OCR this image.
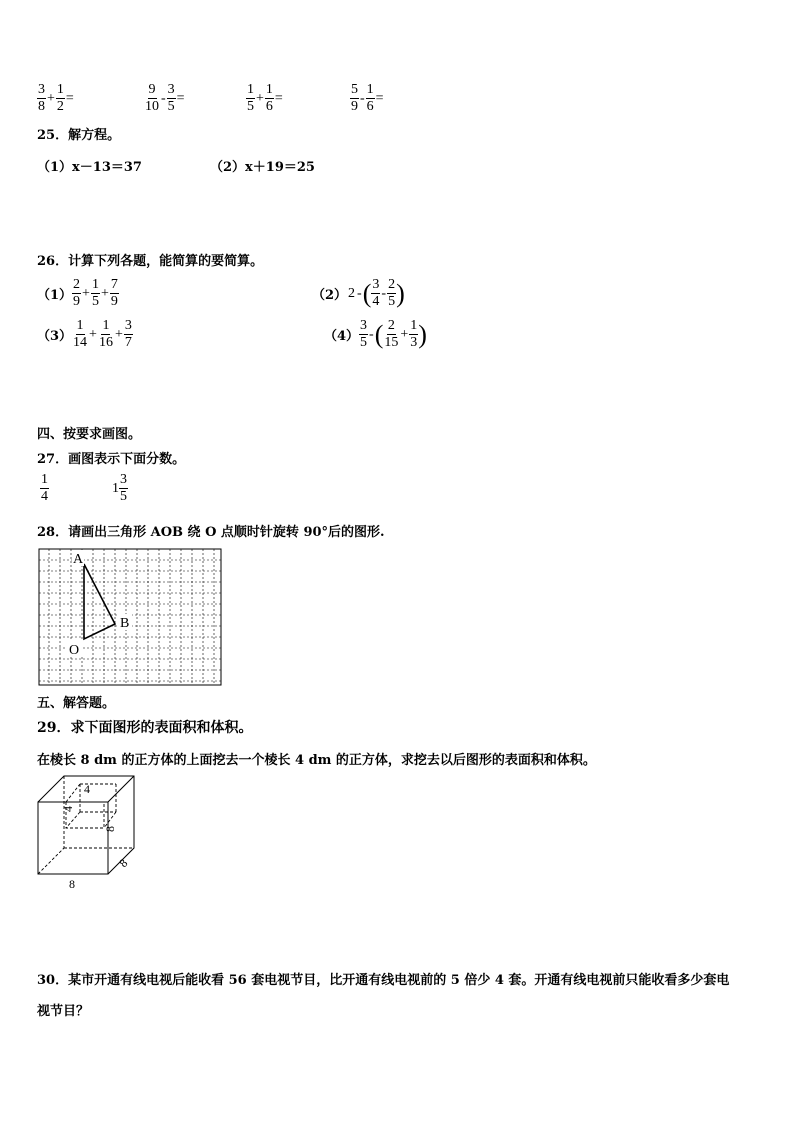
$\frac{3}{8} + \frac{1}{2}$ =	$\frac{9}{10} - \frac{3}{5}$ =	$\frac{1}{5} + \frac{1}{6}$ =	$\frac{5}{9} - \frac{1}{6}$ =
25．解方程。
（1）x－13＝37	（2）x＋19＝25
26．计算下列各题，能简算的要简算。
$(1) \frac{2}{9} + \frac{1}{5} + \frac{7}{9}$	（2） 2 - ( $\frac{3}{4} - \frac{2}{5}$ )
$(3) \frac{1}{14} + \frac{1}{16} + \frac{3}{7}$	$(4) \frac{3}{5}$ - ( $\frac{2}{15} + \frac{1}{3}$ )
四、按要求画图。
27．画图表示下面分数。
$\frac{1}{4}$	$1 \frac{3}{5}$
28．请画出三角形 AOB 绕 O 点顺时针旋转 90°后的图形.
A
B
O
五、解答题。
29．求下面图形的表面积和体积。
在棱长 8 dm 的正方体的上面挖去一个棱长 4 dm 的正方体，求挖去以后图形的表面积和体积。
4
4
8
8
8
30．某市开通有线电视后能收看 56 套电视节目，比开通有线电视前的 5 倍少 4 套。开通有线电视前只能收看多少套电
视节目？
